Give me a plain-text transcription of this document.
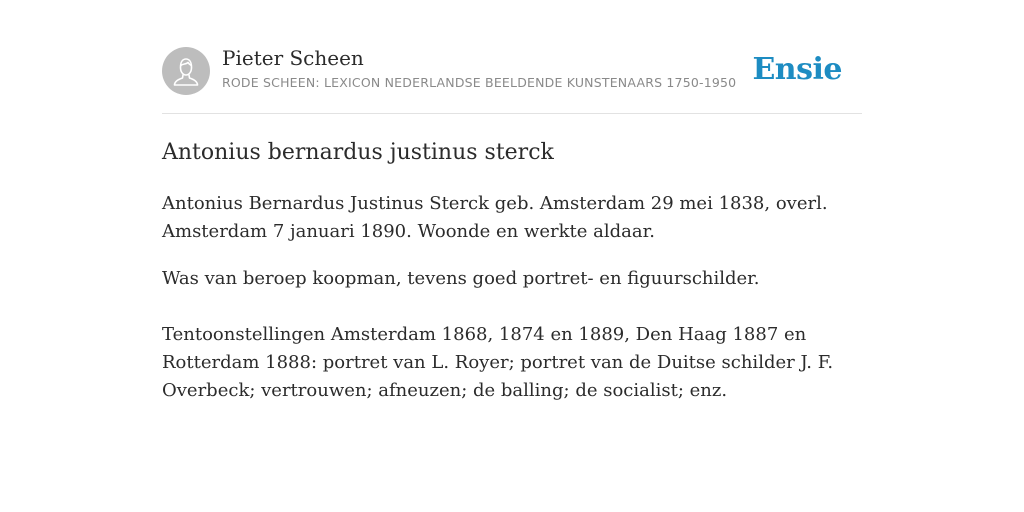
Pieter Scheen
RODE SCHEEN: LEXICON NEDERLANDSE BEELDENDE KUNSTENAARS 1750-1950 Ensie
Antonius bernardus justinus sterck

Antonius Bernardus Justinus Sterck geb. Amsterdam 29 mei 1838, overl. Amsterdam 7 januari 1890. Woonde en werkte aldaar.

Was van beroep koopman, tevens goed portret- en figuurschilder.

Tentoonstellingen Amsterdam 1868, 1874 en 1889, Den Haag 1887 en Rotterdam 1888: portret van L. Royer; portret van de Duitse schilder J. F. Overbeck; vertrouwen; afneuzen; de balling; de socialist; enz.
